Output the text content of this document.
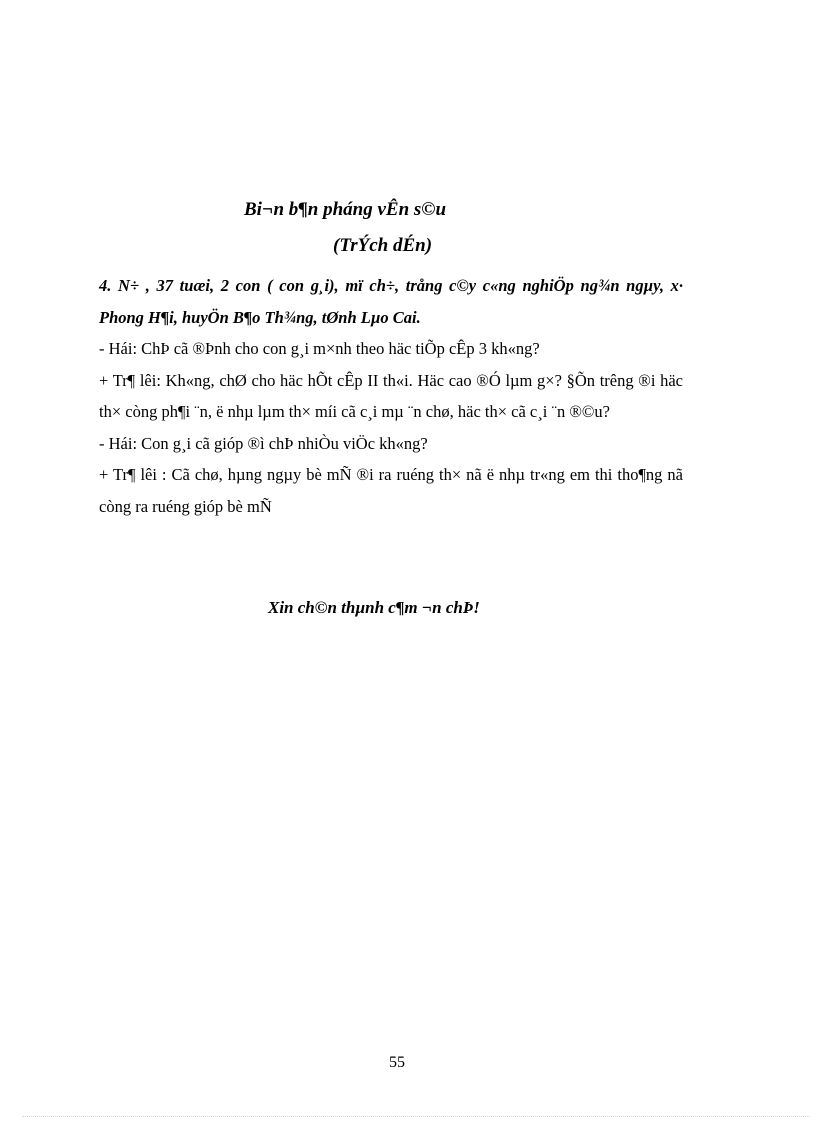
Bi¬n b¶n pháng vÊn s©u
(TrÝch dÉn)

4. N÷ , 37 tuæi, 2 con ( con g¸i), mï ch÷, trång c©y c«ng nghiÖp ng¾n ngµy, x· Phong H¶i, huyÖn B¶o Th¾ng, tØnh Lµo Cai.

- Hái: ChÞ cã ®Þnh cho con g¸i m×nh theo häc tiÕp cÊp 3 kh«ng?

+ Tr¶ lêi: Kh«ng, chØ cho häc hÕt cÊp II th«i. Häc cao ®Ó lµm g×? §Õn trêng ®i häc th× còng ph¶i ¨n, ë nhµ lµm th× míi cã c¸i mµ ¨n chø, häc th× cã c¸i ¨n ®©u?

- Hái: Con g¸i cã gióp ®ì chÞ nhiÒu viÖc kh«ng?

+ Tr¶ lêi : Cã chø, hµng ngµy bè mÑ ®i ra ruéng th× nã ë nhµ tr«ng em thi tho¶ng nã còng ra ruéng gióp bè mÑ

Xin ch©n thµnh c¶m ¬n chÞ!
55
